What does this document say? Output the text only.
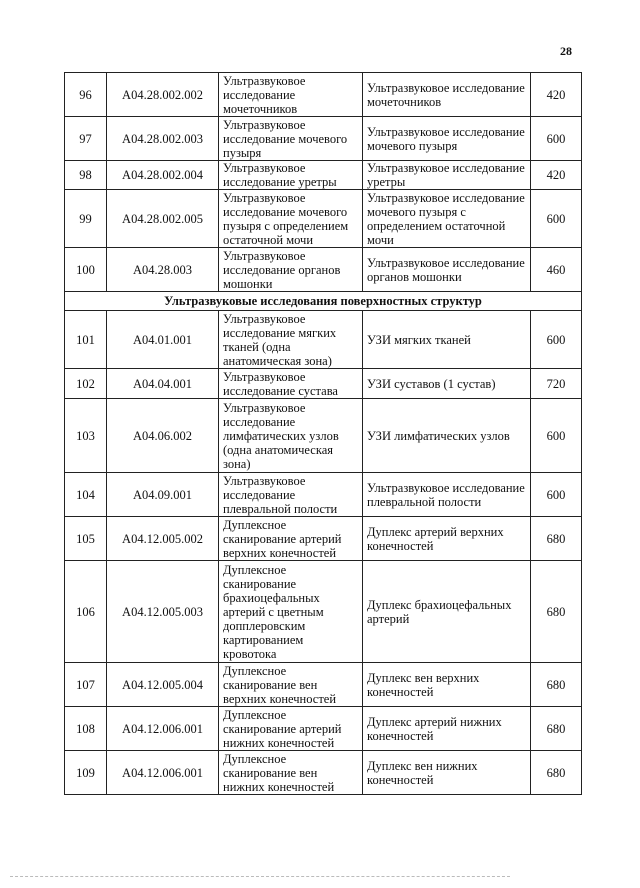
28
96	A04.28.002.002	Ультразвуковое исследование мочеточников	Ультразвуковое исследование мочеточников	420
97	A04.28.002.003	Ультразвуковое исследование мочевого пузыря	Ультразвуковое исследование мочевого пузыря	600
98	A04.28.002.004	Ультразвуковое исследование уретры	Ультразвуковое исследование уретры	420
99	A04.28.002.005	Ультразвуковое исследование мочевого пузыря с определением остаточной мочи	Ультразвуковое исследование мочевого пузыря с определением остаточной мочи	600
100	A04.28.003	Ультразвуковое исследование органов мошонки	Ультразвуковое исследование органов мошонки	460
Ультразвуковые исследования поверхностных структур				
101	A04.01.001	Ультразвуковое исследование мягких тканей (одна анатомическая зона)	УЗИ мягких тканей	600
102	A04.04.001	Ультразвуковое исследование сустава	УЗИ суставов (1 сустав)	720
103	A04.06.002	Ультразвуковое исследование лимфатических узлов (одна анатомическая зона)	УЗИ лимфатических узлов	600
104	A04.09.001	Ультразвуковое исследование плевральной полости	Ультразвуковое исследование плевральной полости	600
105	A04.12.005.002	Дуплексное сканирование артерий верхних конечностей	Дуплекс артерий верхних конечностей	680
106	A04.12.005.003	Дуплексное сканирование брахиоцефальных артерий с цветным допплеровским картированием кровотока	Дуплекс брахиоцефальных артерий	680
107	A04.12.005.004	Дуплексное сканирование вен верхних конечностей	Дуплекс вен верхних конечностей	680
108	A04.12.006.001	Дуплексное сканирование артерий нижних конечностей	Дуплекс артерий нижних конечностей	680
109	A04.12.006.001	Дуплексное сканирование вен нижних конечностей	Дуплекс вен нижних конечностей	680
